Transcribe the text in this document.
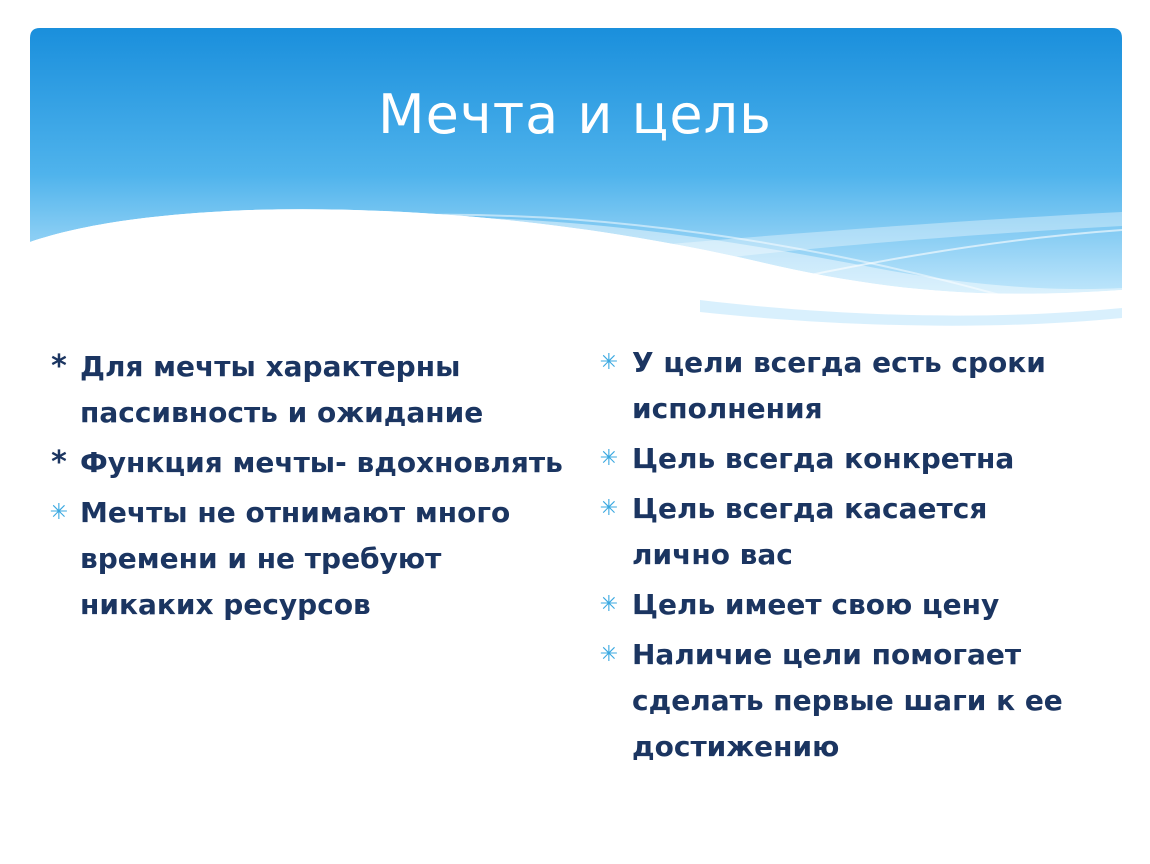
Мечта и цель
* Для мечты характерны пассивность и ожидание
* Функция мечты- вдохновлять
✳ Мечты не отнимают много времени и не требуют никаких ресурсов
✳ У цели всегда есть сроки исполнения
✳ Цель всегда конкретна
✳ Цель всегда касается лично вас
✳ Цель имеет свою цену
✳ Наличие цели помогает сделать первые шаги к ее достижению
